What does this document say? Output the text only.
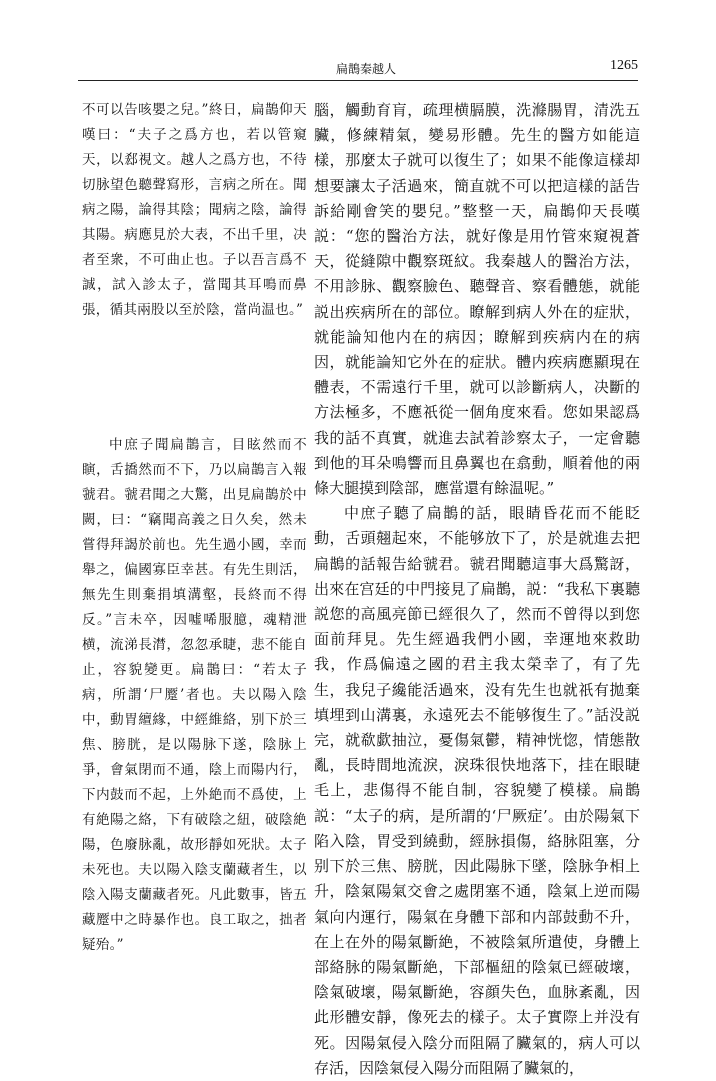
扁鵲秦越人	1265

不可以告咳嬰之兒。”終日，扁鵲仰天嘆曰：“夫子之爲方也，若以管窺天，以郄視文。越人之爲方也，不待切脉望色聽聲寫形，言病之所在。聞病之陽，論得其陰；聞病之陰，論得其陽。病應見於大表，不出千里，决者至衆，不可曲止也。子以吾言爲不誠，試入診太子，當聞其耳鳴而鼻張，循其兩股以至於陰，當尚温也。”

中庶子聞扁鵲言，目眩然而不瞚，舌撟然而不下，乃以扁鵲言入報虢君。虢君聞之大驚，出見扁鵲於中闕，曰：“竊聞高義之日久矣，然未嘗得拜謁於前也。先生過小國，幸而舉之，偏國寡臣幸甚。有先生則活，無先生則棄捐填溝壑，長終而不得反。”言未卒，因噓唏服臆，魂精泄横，流涕長潸，忽忽承睫，悲不能自止，容貌變更。扁鵲曰：“若太子病，所謂‘尸蹷’者也。夫以陽入陰中，動胃繵緣，中經維絡，别下於三焦、膀胱，是以陽脉下遂，陰脉上爭，會氣閉而不通，陰上而陽内行，下内鼓而不起，上外絶而不爲使，上有絶陽之絡，下有破陰之紐，破陰絶陽，色廢脉亂，故形靜如死狀。太子未死也。夫以陽入陰支蘭藏者生，以陰入陽支蘭藏者死。凡此數事，皆五藏蹷中之時暴作也。良工取之，拙者疑殆。”

腦，觸動育肓，疏理横膈膜，洗滌腸胃，清洗五臟，修練精氣，變易形體。先生的醫方如能這樣，那麼太子就可以復生了；如果不能像這樣却想要讓太子活過來，簡直就不可以把這樣的話告訴給剛會笑的嬰兒。”整整一天，扁鵲仰天長嘆説：“您的醫治方法，就好像是用竹管來窺視蒼天，從縫隙中觀察斑紋。我秦越人的醫治方法，不用診脉、觀察臉色、聽聲音、察看體態，就能説出疾病所在的部位。瞭解到病人外在的症狀，就能論知他内在的病因；瞭解到疾病内在的病因，就能論知它外在的症狀。體内疾病應顯現在體表，不需遠行千里，就可以診斷病人，决斷的方法極多，不應祇從一個角度來看。您如果認爲我的話不真實，就進去試着診察太子，一定會聽到他的耳朵鳴響而且鼻翼也在翕動，順着他的兩條大腿摸到陰部，應當還有餘温呢。”

中庶子聽了扁鵲的話，眼睛昏花而不能眨動，舌頭翹起來，不能够放下了，於是就進去把扁鵲的話報告給虢君。虢君聞聽這事大爲驚訝，出來在宫廷的中門接見了扁鵲，説：“我私下裏聽説您的高風亮節已經很久了，然而不曾得以到您面前拜見。先生經過我們小國，幸運地來救助我，作爲偏遠之國的君主我太榮幸了，有了先生，我兒子纔能活過來，没有先生也就祇有拋棄填埋到山溝裏，永遠死去不能够復生了。”話没説完，就欷歔抽泣，憂傷氣鬱，精神恍惚，情態散亂，長時間地流淚，淚珠很快地落下，挂在眼睫毛上，悲傷得不能自制，容貌變了模樣。扁鵲説：“太子的病，是所謂的‘尸厥症’。由於陽氣下陷入陰，胃受到繞動，經脉損傷，絡脉阻塞，分别下於三焦、膀胱，因此陽脉下墜，陰脉争相上升，陰氣陽氣交會之處閉塞不通，陰氣上逆而陽氣向内運行，陽氣在身體下部和内部鼓動不升，在上在外的陽氣斷絶，不被陰氣所遣使，身體上部絡脉的陽氣斷絶，下部樞紐的陰氣已經破壞，陰氣破壞，陽氣斷絶，容顔失色，血脉紊亂，因此形體安靜，像死去的樣子。太子實際上并没有死。因陽氣侵入陰分而阻隔了臟氣的，病人可以存活，因陰氣侵入陽分而阻隔了臟氣的，
